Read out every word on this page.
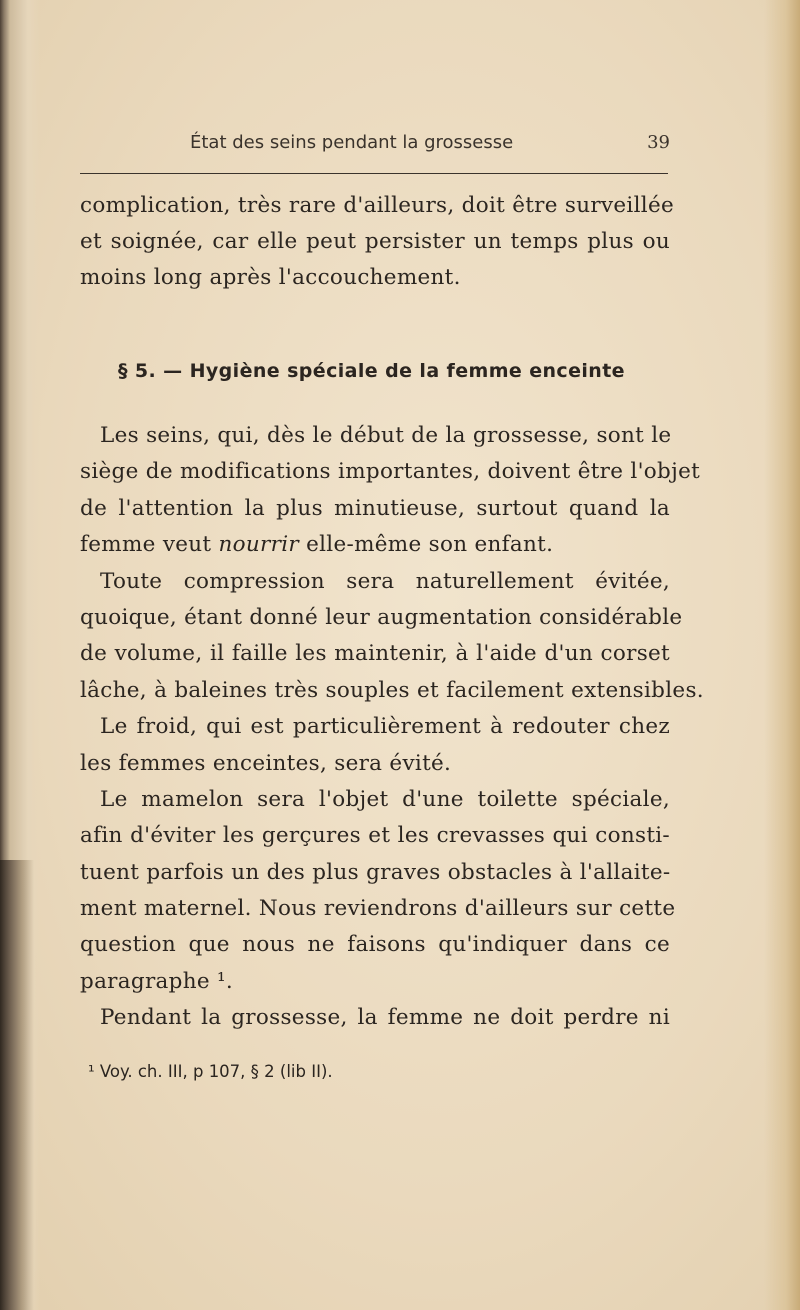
État des seins pendant la grossesse	39
complication, très rare d'ailleurs, doit être surveillée
et soignée, car elle peut persister un temps plus ou
moins long après l'accouchement.
§ 5. — Hygiène spéciale de la femme enceinte
Les seins, qui, dès le début de la grossesse, sont le
siège de modifications importantes, doivent être l'objet
de l'attention la plus minutieuse, surtout quand la
femme veut nourrir elle-même son enfant.
Toute compression sera naturellement évitée,
quoique, étant donné leur augmentation considérable
de volume, il faille les maintenir, à l'aide d'un corset
lâche, à baleines très souples et facilement extensibles.
Le froid, qui est particulièrement à redouter chez
les femmes enceintes, sera évité.
Le mamelon sera l'objet d'une toilette spéciale,
afin d'éviter les gerçures et les crevasses qui consti-
tuent parfois un des plus graves obstacles à l'allaite-
ment maternel. Nous reviendrons d'ailleurs sur cette
question que nous ne faisons qu'indiquer dans ce
paragraphe ¹.
Pendant la grossesse, la femme ne doit perdre ni
¹ Voy. ch. III, p 107, § 2 (lib II).
